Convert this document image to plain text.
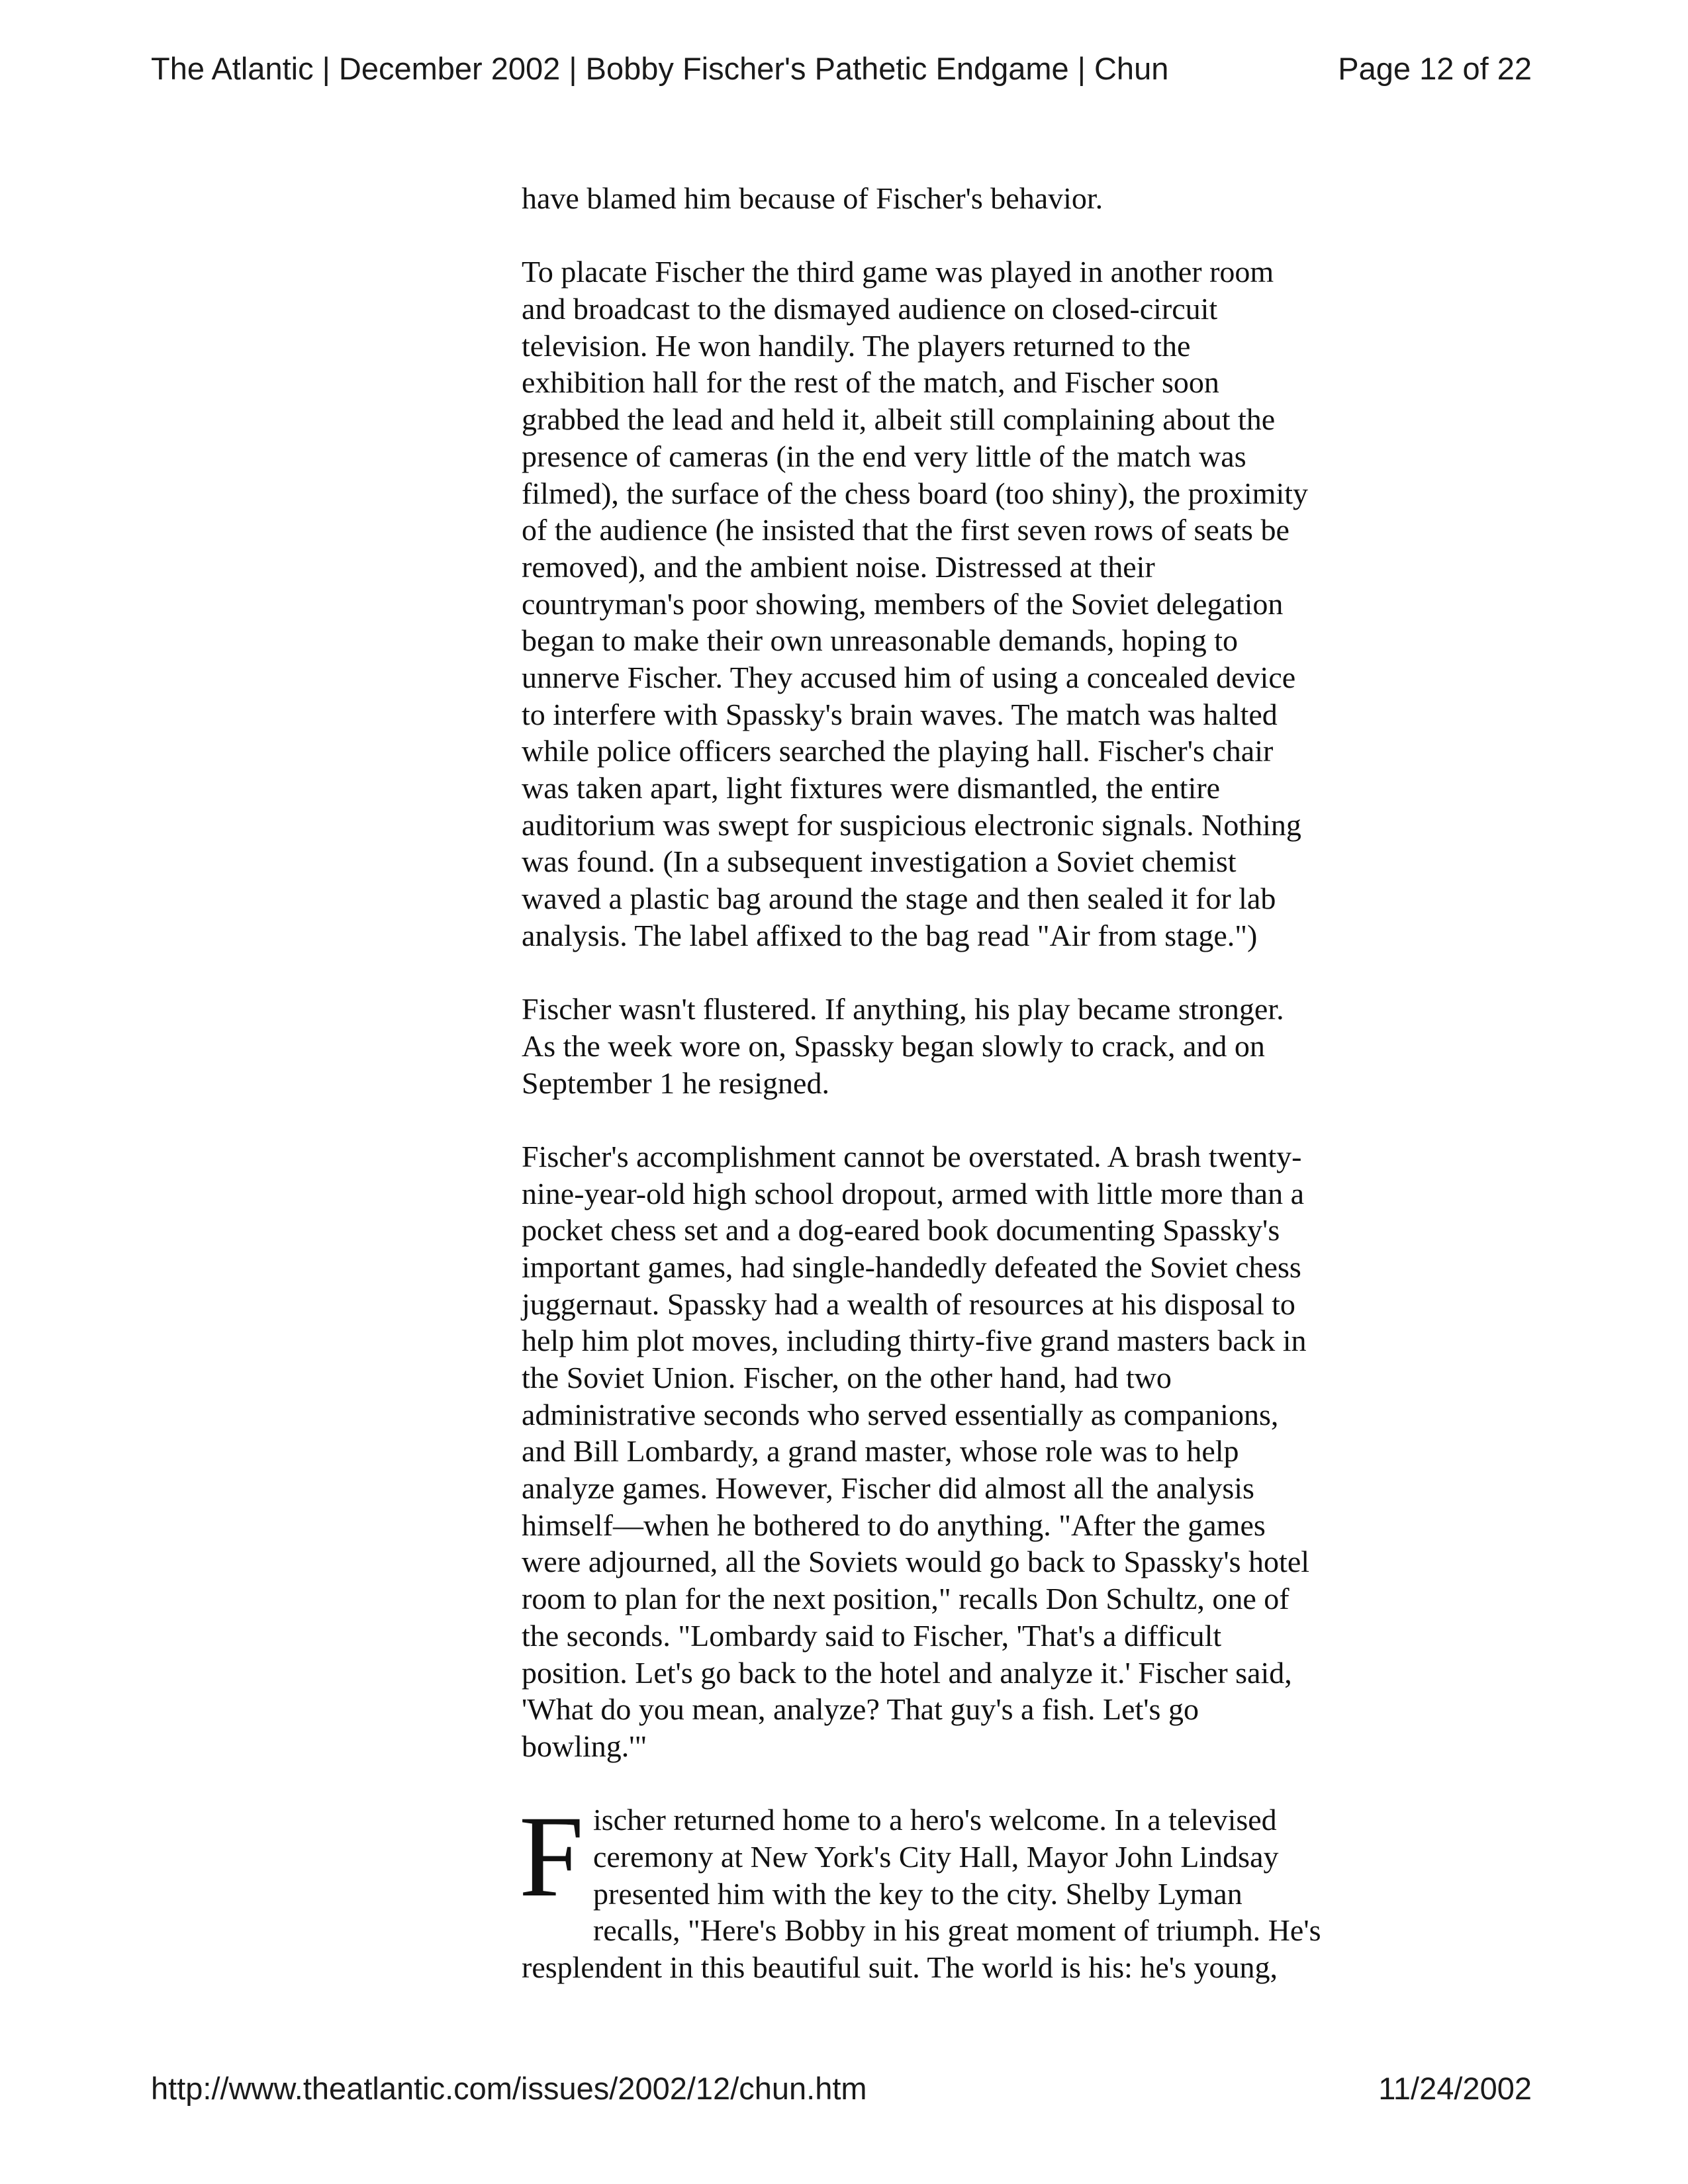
The Atlantic | December 2002 | Bobby Fischer's Pathetic Endgame | Chun	Page 12 of 22
have blamed him because of Fischer's behavior.
To placate Fischer the third game was played in another room
and broadcast to the dismayed audience on closed-circuit
television. He won handily. The players returned to the
exhibition hall for the rest of the match, and Fischer soon
grabbed the lead and held it, albeit still complaining about the
presence of cameras (in the end very little of the match was
filmed), the surface of the chess board (too shiny), the proximity
of the audience (he insisted that the first seven rows of seats be
removed), and the ambient noise. Distressed at their
countryman's poor showing, members of the Soviet delegation
began to make their own unreasonable demands, hoping to
unnerve Fischer. They accused him of using a concealed device
to interfere with Spassky's brain waves. The match was halted
while police officers searched the playing hall. Fischer's chair
was taken apart, light fixtures were dismantled, the entire
auditorium was swept for suspicious electronic signals. Nothing
was found. (In a subsequent investigation a Soviet chemist
waved a plastic bag around the stage and then sealed it for lab
analysis. The label affixed to the bag read "Air from stage.")
Fischer wasn't flustered. If anything, his play became stronger.
As the week wore on, Spassky began slowly to crack, and on
September 1 he resigned.
Fischer's accomplishment cannot be overstated. A brash twenty-
nine-year-old high school dropout, armed with little more than a
pocket chess set and a dog-eared book documenting Spassky's
important games, had single-handedly defeated the Soviet chess
juggernaut. Spassky had a wealth of resources at his disposal to
help him plot moves, including thirty-five grand masters back in
the Soviet Union. Fischer, on the other hand, had two
administrative seconds who served essentially as companions,
and Bill Lombardy, a grand master, whose role was to help
analyze games. However, Fischer did almost all the analysis
himself—when he bothered to do anything. "After the games
were adjourned, all the Soviets would go back to Spassky's hotel
room to plan for the next position," recalls Don Schultz, one of
the seconds. "Lombardy said to Fischer, 'That's a difficult
position. Let's go back to the hotel and analyze it.' Fischer said,
'What do you mean, analyze? That guy's a fish. Let's go
bowling.'"
F ischer returned home to a hero's welcome. In a televised
ceremony at New York's City Hall, Mayor John Lindsay
presented him with the key to the city. Shelby Lyman
recalls, "Here's Bobby in his great moment of triumph. He's
resplendent in this beautiful suit. The world is his: he's young,
http://www.theatlantic.com/issues/2002/12/chun.htm	11/24/2002
